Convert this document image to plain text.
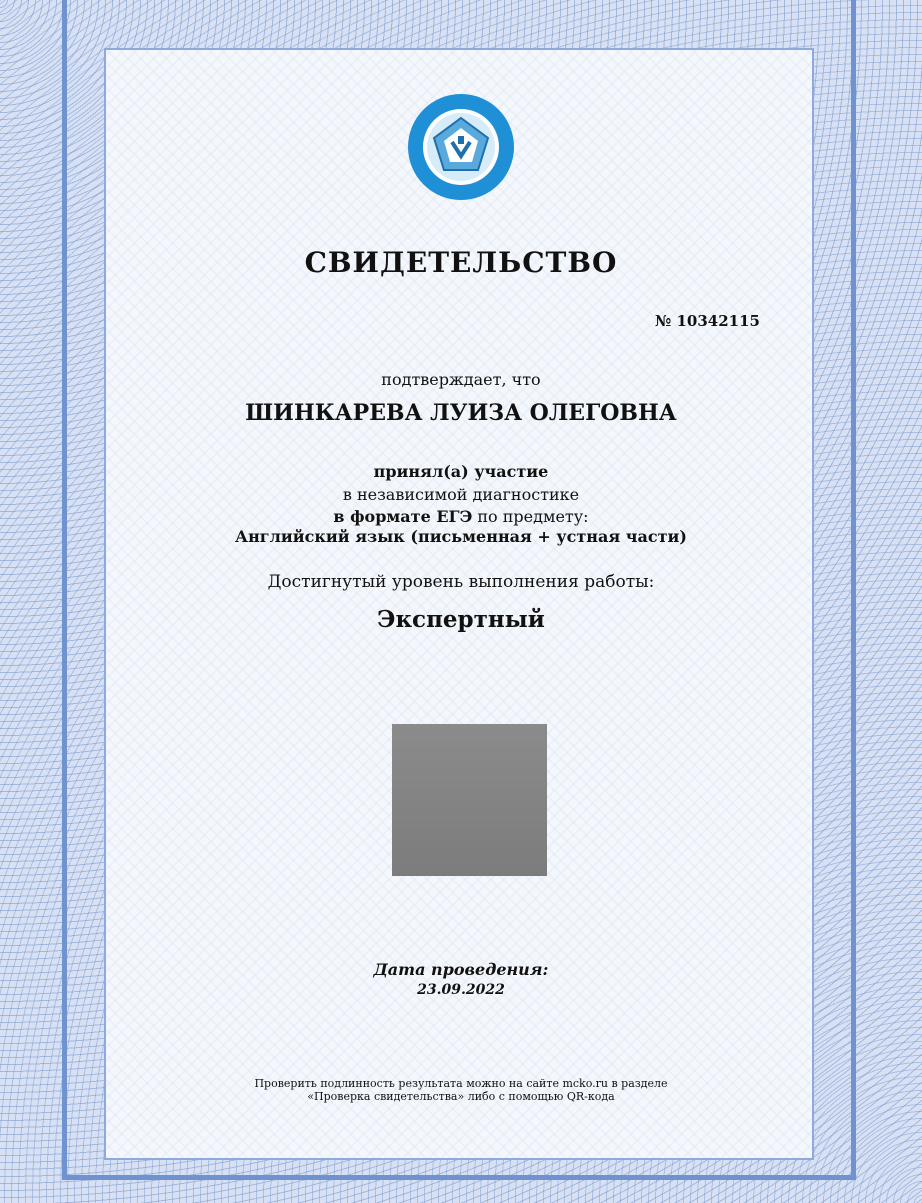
СВИДЕТЕЛЬСТВО
№ 10342115
подтверждает, что
ШИНКАРЕВА ЛУИЗА ОЛЕГОВНА
принял(а) участие
в независимой диагностике
в формате ЕГЭ по предмету:
Английский язык (письменная + устная части)
Достигнутый уровень выполнения работы:
Экспертный
Дата проведения:
23.09.2022
Проверить подлинность результата можно на сайте mcko.ru в разделе
«Проверка свидетельства» либо с помощью QR-кода
